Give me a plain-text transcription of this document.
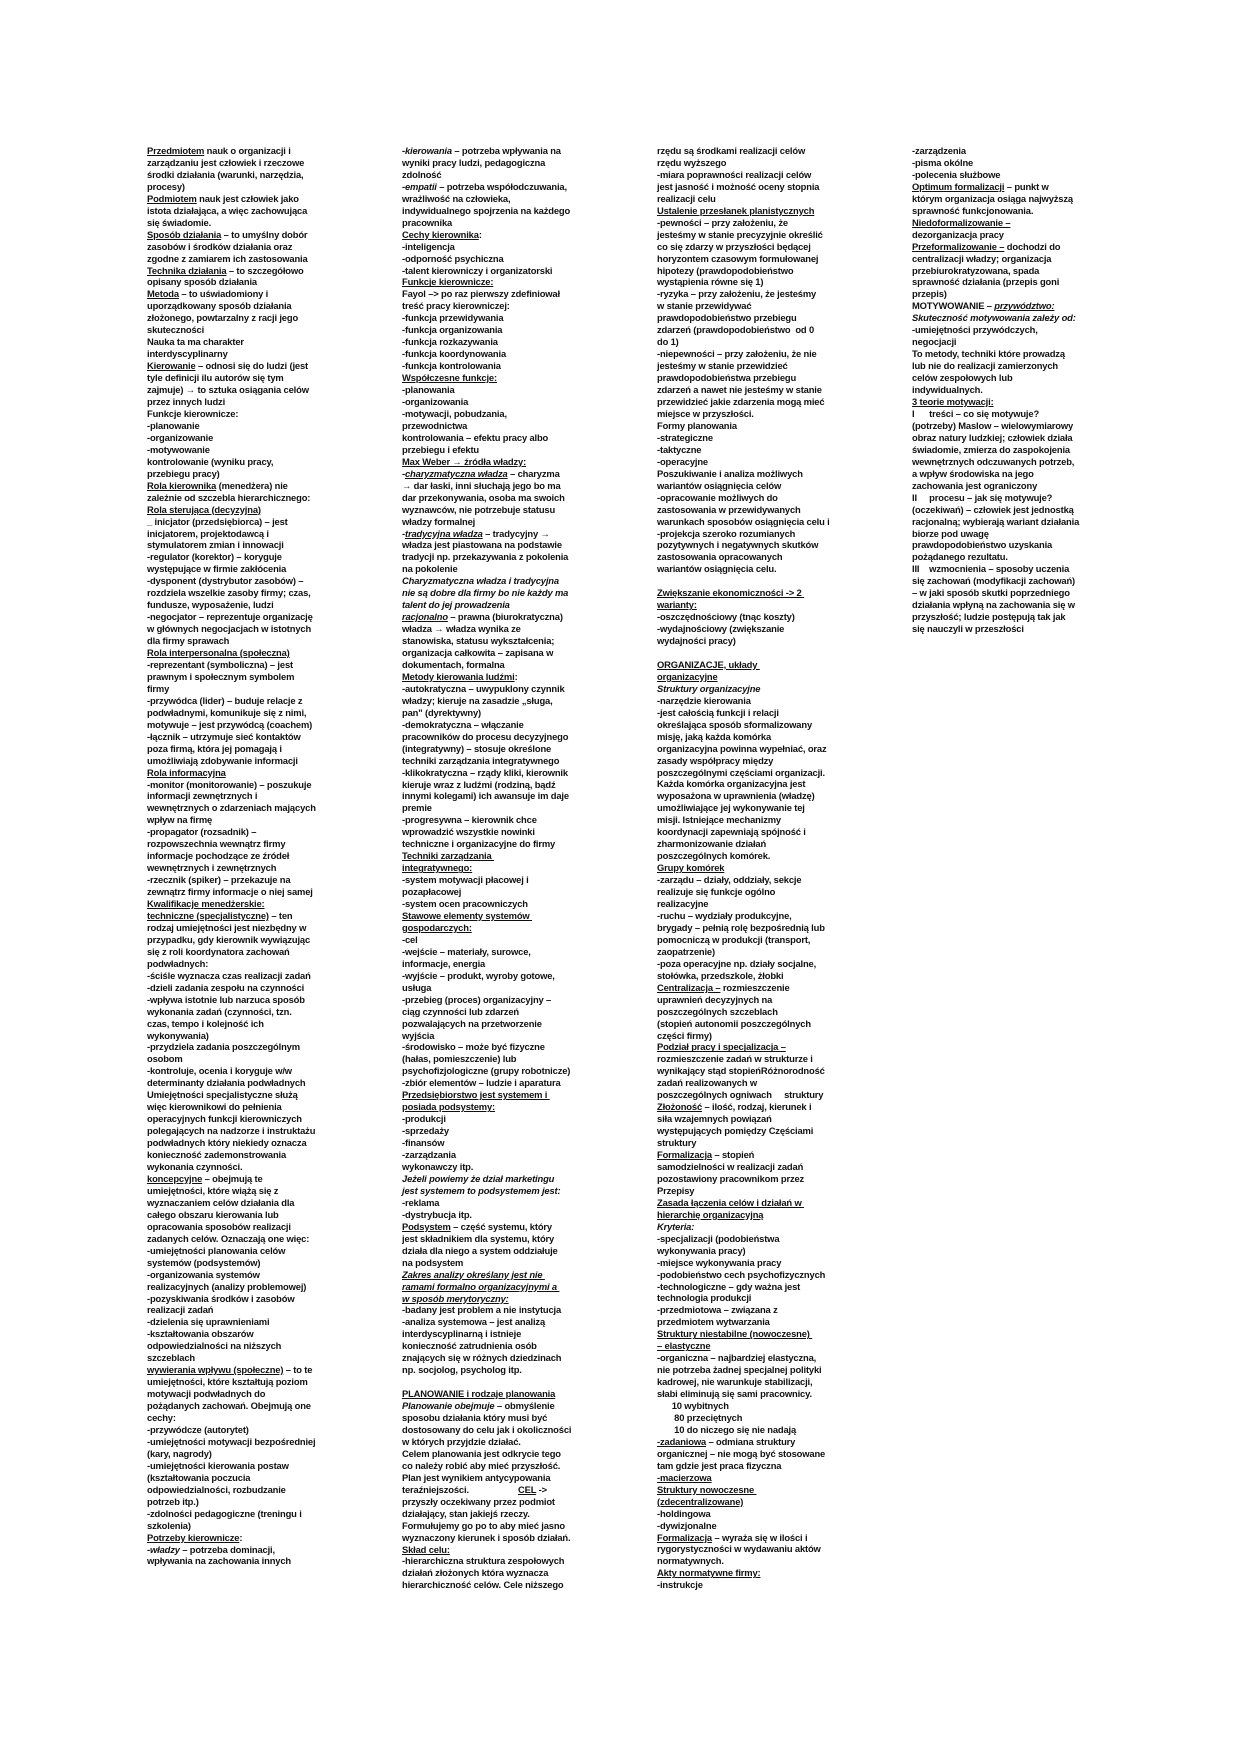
Przedmiotem nauk o organizacji i
zarządzaniu jest człowiek i rzeczowe
środki działania (warunki, narzędzia,
procesy)
Podmiotem nauk jest człowiek jako
istota działająca, a więc zachowująca
się świadomie.
Sposób działania – to umyślny dobór
zasobów i środków działania oraz
zgodne z zamiarem ich zastosowania
Technika działania – to szczegółowo
opisany sposób działania
Metoda – to uświadomiony i
uporządkowany sposób działania
złożonego, powtarzalny z racji jego
skuteczności
Nauka ta ma charakter
interdyscyplinarny
Kierowanie – odnosi się do ludzi (jest
tyle definicji ilu autorów się tym
zajmuje) → to sztuka osiągania celów
przez innych ludzi
Funkcje kierownicze:
-planowanie
-organizowanie
-motywowanie
kontrolowanie (wyniku pracy,
przebiegu pracy)
Rola kierownika (menedżera) nie
zależnie od szczebla hierarchicznego:
Rola sterująca (decyzyjna)
_ inicjator (przedsiębiorca) – jest
inicjatorem, projektodawcą i
stymulatorem zmian i innowacji
-regulator (korektor) – koryguje
występujące w firmie zakłócenia
-dysponent (dystrybutor zasobów) –
rozdziela wszelkie zasoby firmy; czas,
fundusze, wyposażenie, ludzi
-negocjator – reprezentuje organizację
w głównych negocjacjach w istotnych
dla firmy sprawach
Rola interpersonalna (społeczna)
-reprezentant (symboliczna) – jest
prawnym i społecznym symbolem
firmy
-przywódca (lider) – buduje relacje z
podwładnymi, komunikuje się z nimi,
motywuje – jest przywódcą (coachem)
-łącznik – utrzymuje sieć kontaktów
poza firmą, która jej pomagają i
umożliwiają zdobywanie informacji
Rola informacyjna
-monitor (monitorowanie) – poszukuje
informacji zewnętrznych i
wewnętrznych o zdarzeniach mających
wpływ na firmę
-propagator (rozsadnik) –
rozpowszechnia wewnątrz firmy
informacje pochodzące ze źródeł
wewnętrznych i zewnętrznych
-rzecznik (spiker) – przekazuje na
zewnątrz firmy informacje o niej samej
Kwalifikacje menedżerskie:
techniczne (specjalistyczne) – ten
rodzaj umiejętności jest niezbędny w
przypadku, gdy kierownik wywiązując
się z roli koordynatora zachowań
podwładnych:
-ściśle wyznacza czas realizacji zadań
-dzieli zadania zespołu na czynności
-wpływa istotnie lub narzuca sposób
wykonania zadań (czynności, tzn.
czas, tempo i kolejność ich
wykonywania)
-przydziela zadania poszczególnym
osobom
-kontroluje, ocenia i koryguje w/w
determinanty działania podwładnych
Umiejętności specjalistyczne służą
więc kierownikowi do pełnienia
operacyjnych funkcji kierowniczych
polegających na nadzorze i instruktażu
podwładnych który niekiedy oznacza
konieczność zademonstrowania
wykonania czynności.
koncepcyjne – obejmują te
umiejętności, które wiążą się z
wyznaczaniem celów działania dla
całego obszaru kierowania lub
opracowania sposobów realizacji
zadanych celów. Oznaczają one więc:
-umiejętności planowania celów
systemów (podsystemów)
-organizowania systemów
realizacyjnych (analizy problemowej)
-pozyskiwania środków i zasobów
realizacji zadań
-dzielenia się uprawnieniami
-kształtowania obszarów
odpowiedzialności na niższych
szczeblach
wywierania wpływu (społeczne) – to te
umiejętności, które kształtują poziom
motywacji podwładnych do
pożądanych zachowań. Obejmują one
cechy:
-przywódcze (autorytet)
-umiejętności motywacji bezpośredniej
(kary, nagrody)
-umiejętności kierowania postaw
(kształtowania poczucia
odpowiedzialności, rozbudzanie
potrzeb itp.)
-zdolności pedagogiczne (treningu i
szkolenia)
Potrzeby kierownicze:
-władzy – potrzeba dominacji,
wpływania na zachowania innych
-kierowania – potrzeba wpływania na
wyniki pracy ludzi, pedagogiczna
zdolność
-empatii – potrzeba współodczuwania,
wrażliwość na człowieka,
indywidualnego spojrzenia na każdego
pracownika
Cechy kierownika:
-inteligencja
-odporność psychiczna
-talent kierowniczy i organizatorski
Funkcje kierownicze:
Fayol –> po raz pierwszy zdefiniował
treść pracy kierowniczej:
-funkcja przewidywania
-funkcja organizowania
-funkcja rozkazywania
-funkcja koordynowania
-funkcja kontrolowania
Współczesne funkcje:
-planowania
-organizowania
-motywacji, pobudzania,
przewodnictwa
kontrolowania – efektu pracy albo
przebiegu i efektu
Max Weber → źródła władzy:
-charyzmatyczna władza – charyzma
→ dar łaski, inni słuchają jego bo ma
dar przekonywania, osoba ma swoich
wyznawców, nie potrzebuje statusu
władzy formalnej
-tradycyjna władza – tradycyjny →
władza jest piastowana na podstawie
tradycji np. przekazywania z pokolenia
na pokolenie
Charyzmatyczna władza i tradycyjna
nie są dobre dla firmy bo nie każdy ma
talent do jej prowadzenia
racjonalno – prawna (biurokratyczna)
władza → władza wynika ze
stanowiska, statusu wykształcenia;
organizacja całkowita – zapisana w
dokumentach, formalna
Metody kierowania ludźmi:
-autokratyczna – uwypuklony czynnik
władzy; kieruje na zasadzie „sługa,
pan" (dyrektywny)
-demokratyczna – włączanie
pracowników do procesu decyzyjnego
(integratywny) – stosuje określone
techniki zarządzania integratywnego
-klikokratyczna – rządy kliki, kierownik
kieruje wraz z ludźmi (rodziną, bądź
innymi kolegami) ich awansuje im daje
premie
-progresywna – kierownik chce
wprowadzić wszystkie nowinki
techniczne i organizacyjne do firmy
Techniki zarządzania
integratywnego:
-system motywacji płacowej i
pozapłacowej
-system ocen pracowniczych
Stawowe elementy systemów
gospodarczych:
-cel
-wejście – materiały, surowce,
informacje, energia
-wyjście – produkt, wyroby gotowe,
usługa
-przebieg (proces) organizacyjny –
ciąg czynności lub zdarzeń
pozwalających na przetworzenie
wyjścia
-środowisko – może być fizyczne
(hałas, pomieszczenie) lub
psychofizjologiczne (grupy robotnicze)
-zbiór elementów – ludzie i aparatura
Przedsiębiorstwo jest systemem i
posiada podsystemy:
-produkcji
-sprzedaży
-finansów
-zarządzania
wykonawczy itp.
Jeżeli powiemy że dział marketingu
jest systemem to podsystemem jest:
-reklama
-dystrybucja itp.
Podsystem – część systemu, który
jest składnikiem dla systemu, który
działa dla niego a system oddziałuje
na podsystem
Zakres analizy określany jest nie
ramami formalno organizacyjnymi a
w sposób merytoryczny:
-badany jest problem a nie instytucja
-analiza systemowa – jest analizą
interdyscyplinarną i istnieje
konieczność zatrudnienia osób
znających się w różnych dziedzinach
np. socjolog, psycholog itp.
PLANOWANIE i rodzaje planowania
Planowanie obejmuje – obmyślenie
sposobu działania który musi być
dostosowany do celu jak i okoliczności
w których przyjdzie działać.
Celem planowania jest odkrycie tego
co należy robić aby mieć przyszłość.
Plan jest wynikiem antycypowania
teraźniejszości.                    CEL ->
przyszły oczekiwany przez podmiot
działający, stan jakiejś rzeczy.
Formułujemy go po to aby mieć jasno
wyznaczony kierunek i sposób działań.
Skład celu:
-hierarchiczna struktura zespołowych
działań złożonych która wyznacza
hierarchiczność celów. Cele niższego
rzędu są środkami realizacji celów
rzędu wyższego
-miara poprawności realizacji celów
jest jasność i możność oceny stopnia
realizacji celu
Ustalenie przesłanek planistycznych
-pewności – przy założeniu, że
jesteśmy w stanie precyzyjnie określić
co się zdarzy w przyszłości będącej
horyzontem czasowym formułowanej
hipotezy (prawdopodobieństwo
wystąpienia równe się 1)
-ryzyka – przy założeniu, że jesteśmy
w stanie przewidywać
prawdopodobieństwo przebiegu
zdarzeń (prawdopodobieństwo  od 0
do 1)
-niepewności – przy założeniu, że nie
jesteśmy w stanie przewidzieć
prawdopodobieństwa przebiegu
zdarzeń a nawet nie jesteśmy w stanie
przewidzieć jakie zdarzenia mogą mieć
miejsce w przyszłości.
Formy planowania
-strategiczne
-taktyczne
-operacyjne
Poszukiwanie i analiza możliwych
wariantów osiągnięcia celów
-opracowanie możliwych do
zastosowania w przewidywanych
warunkach sposobów osiągnięcia celu i
-projekcja szeroko rozumianych
pozytywnych i negatywnych skutków
zastosowania opracowanych
wariantów osiągnięcia celu.
Zwiększanie ekonomiczności -> 2
warianty:
-oszczędnościowy (tnąc koszty)
-wydajnościowy (zwiększanie
wydajności pracy)
ORGANIZACJE, układy
organizacyjne
Struktury organizacyjne
-narzędzie kierowania
-jest całością funkcji i relacji
określająca sposób sformalizowany
misję, jaką każda komórka
organizacyjna powinna wypełniać, oraz
zasady współpracy między
poszczególnymi częściami organizacji.
Każda komórka organizacyjna jest
wyposażona w uprawnienia (władzę)
umożliwiające jej wykonywanie tej
misji. Istniejące mechanizmy
koordynacji zapewniają spójność i
zharmonizowanie działań
poszczególnych komórek.
Grupy komórek
-zarządu – działy, oddziały, sekcje
realizuje się funkcje ogólno
realizacyjne
-ruchu – wydziały produkcyjne,
brygady – pełnią rolę bezpośrednią lub
pomocniczą w produkcji (transport,
zaopatrzenie)
-poza operacyjne np. działy socjalne,
stołówka, przedszkole, żłobki
Centralizacja – rozmieszczenie
uprawnień decyzyjnych na
poszczególnych szczeblach
(stopień autonomii poszczególnych
części firmy)
Podział pracy i specjalizacja –
rozmieszczenie zadań w strukturze i
wynikający stąd stopieńRóżnorodność
zadań realizowanych w
poszczególnych ogniwach     struktury
Złożoność – ilość, rodzaj, kierunek i
siła wzajemnych powiązań
występujących pomiędzy Częściami
struktury
Formalizacja – stopień
samodzielności w realizacji zadań
pozostawiony pracownikom przez
Przepisy
Zasada łączenia celów i działań w
hierarchię organizacyjną
Kryteria:
-specjalizacji (podobieństwa
wykonywania pracy)
-miejsce wykonywania pracy
-podobieństwo cech psychofizycznych
-technologiczne – gdy ważna jest
technologia produkcji
-przedmiotowa – związana z
przedmiotem wytwarzania
Struktury niestabilne (nowoczesne)
– elastyczne
-organiczna – najbardziej elastyczna,
nie potrzeba żadnej specjalnej polityki
kadrowej, nie warunkuje stabilizacji,
słabi eliminują się sami pracownicy.
10 wybitnych
80 przeciętnych
10 do niczego się nie nadają
-zadaniowa – odmiana struktury
organicznej – nie mogą być stosowane
tam gdzie jest praca fizyczna
-macierzowa
Struktury nowoczesne
(zdecentralizowane)
-holdingowa
-dywizjonalne
Formalizacja – wyraża się w ilości i
rygorystyczności w wydawaniu aktów
normatywnych.
Akty normatywne firmy:
-instrukcje
-zarządzenia
-pisma okólne
-polecenia służbowe
Optimum formalizacji – punkt w
którym organizacja osiąga najwyższą
sprawność funkcjonowania.
Niedoformalizowanie –
dezorganizacja pracy
Przeformalizowanie – dochodzi do
centralizacji władzy; organizacja
przebiurokratyzowana, spada
sprawność działania (przepis goni
przepis)
MOTYWOWANIE – przywództwo:
Skuteczność motywowania zależy od:
-umiejętności przywódczych,
negocjacji
To metody, techniki które prowadzą
lub nie do realizacji zamierzonych
celów zespołowych lub
indywidualnych.
3 teorie motywacji:
I      treści – co się motywuje?
(potrzeby) Maslow – wielowymiarowy
obraz natury ludzkiej; człowiek działa
świadomie, zmierza do zaspokojenia
wewnętrznych odczuwanych potrzeb,
a wpływ środowiska na jego
zachowania jest ograniczony
II     procesu – jak się motywuje?
(oczekiwań) – człowiek jest jednostką
racjonalną; wybierają wariant działania
biorze pod uwagę
prawdopodobieństwo uzyskania
pożądanego rezultatu.
III    wzmocnienia – sposoby uczenia
się zachowań (modyfikacji zachowań)
– w jaki sposób skutki poprzedniego
działania wpłyną na zachowania się w
przyszłość; ludzie postępują tak jak
się nauczyli w przeszłości
